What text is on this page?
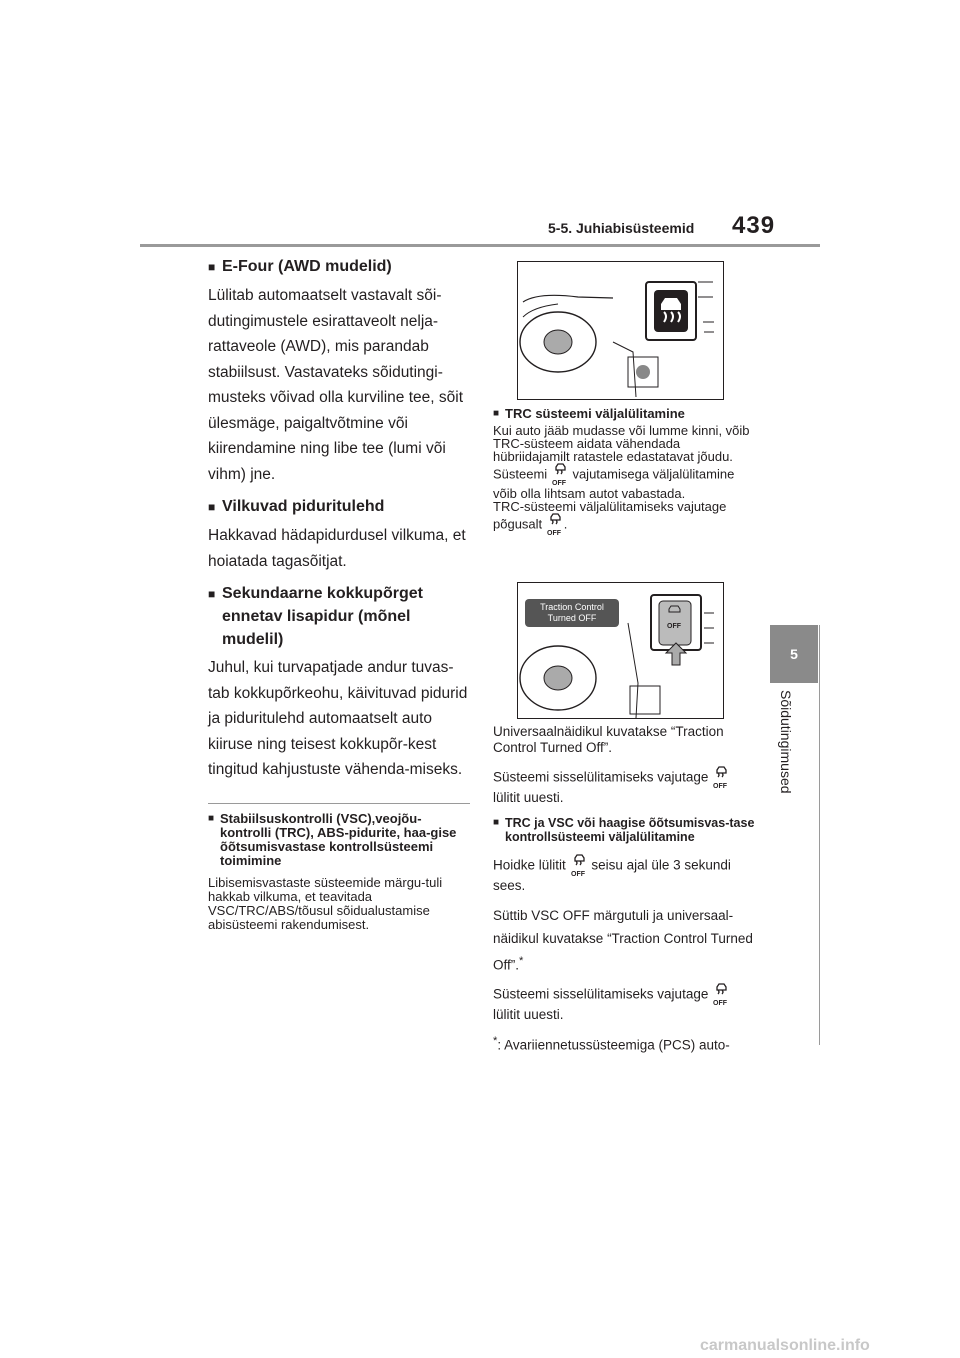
5-5. Juhiabisüsteemid 439
5
Sõidutingimused
■ E-Four (AWD mudelid)

Lülitab automaatselt vastavalt sõi-dutingimustele esirattaveolt nelja-rattaveole (AWD), mis parandab stabiilsust. Vastavateks sõidutingi-musteks võivad olla kurviline tee, sõit ülesmäge, paigaltvõtmine või kiirendamine ning libe tee (lumi või vihm) jne.

■ Vilkuvad piduritulehd

Hakkavad hädapidurdusel vilkuma, et hoiatada tagasõitjat.

■ Sekundaarne kokkupõrget ennetav lisapidur (mõnel mudelil)

Juhul, kui turvapatjade andur tuvas-tab kokkupõrkeohu, käivituvad pidurid ja piduritulehd automaatselt auto kiiruse ning teisest kokkupõr-kest tingitud kahjustuste vähenda-miseks.

■ Stabiilsuskontrolli (VSC),veojõu-kontrolli (TRC), ABS-pidurite, haa-gise õõtsumisvastase kontrollsüsteemi toimimine

Libisemisvastaste süsteemide märgu-tuli hakkab vilkuma, et teavitada VSC/TRC/ABS/tõusul sõidualustamise abisüsteemi rakendumisest.

■ TRC süsteemi väljalülitamine

Kui auto jääb mudasse või lumme kinni, võib TRC-süsteem aidata vähendada hübriidajamilt ratastele edastatavat jõudu.

Süsteemi
OFF
vajutamisega väljalülitamine võib olla lihtsam autot vabastada.

TRC-süsteemi väljalülitamiseks vajutage põgusalt
OFF
.

OFF
Traction Control Turned OFF

Universaalnäidikul kuvatakse “Traction Control Turned Off”.

Süsteemi sisselülitamiseks vajutage
OFF

lülitit uuesti.

■ TRC ja VSC või haagise õõtsumisvas-tase kontrollsüsteemi väljalülitamine

Hoidke lülitit
OFF
seisu ajal üle 3 sekundi sees.

Süttib VSC OFF märgutuli ja universaal-näidikul kuvatakse “Traction Control Turned Off”.*

Süsteemi sisselülitamiseks vajutage
OFF

lülitit uuesti.

*: Avariiennetussüsteemiga (PCS) auto-

carmanualsonline.info
